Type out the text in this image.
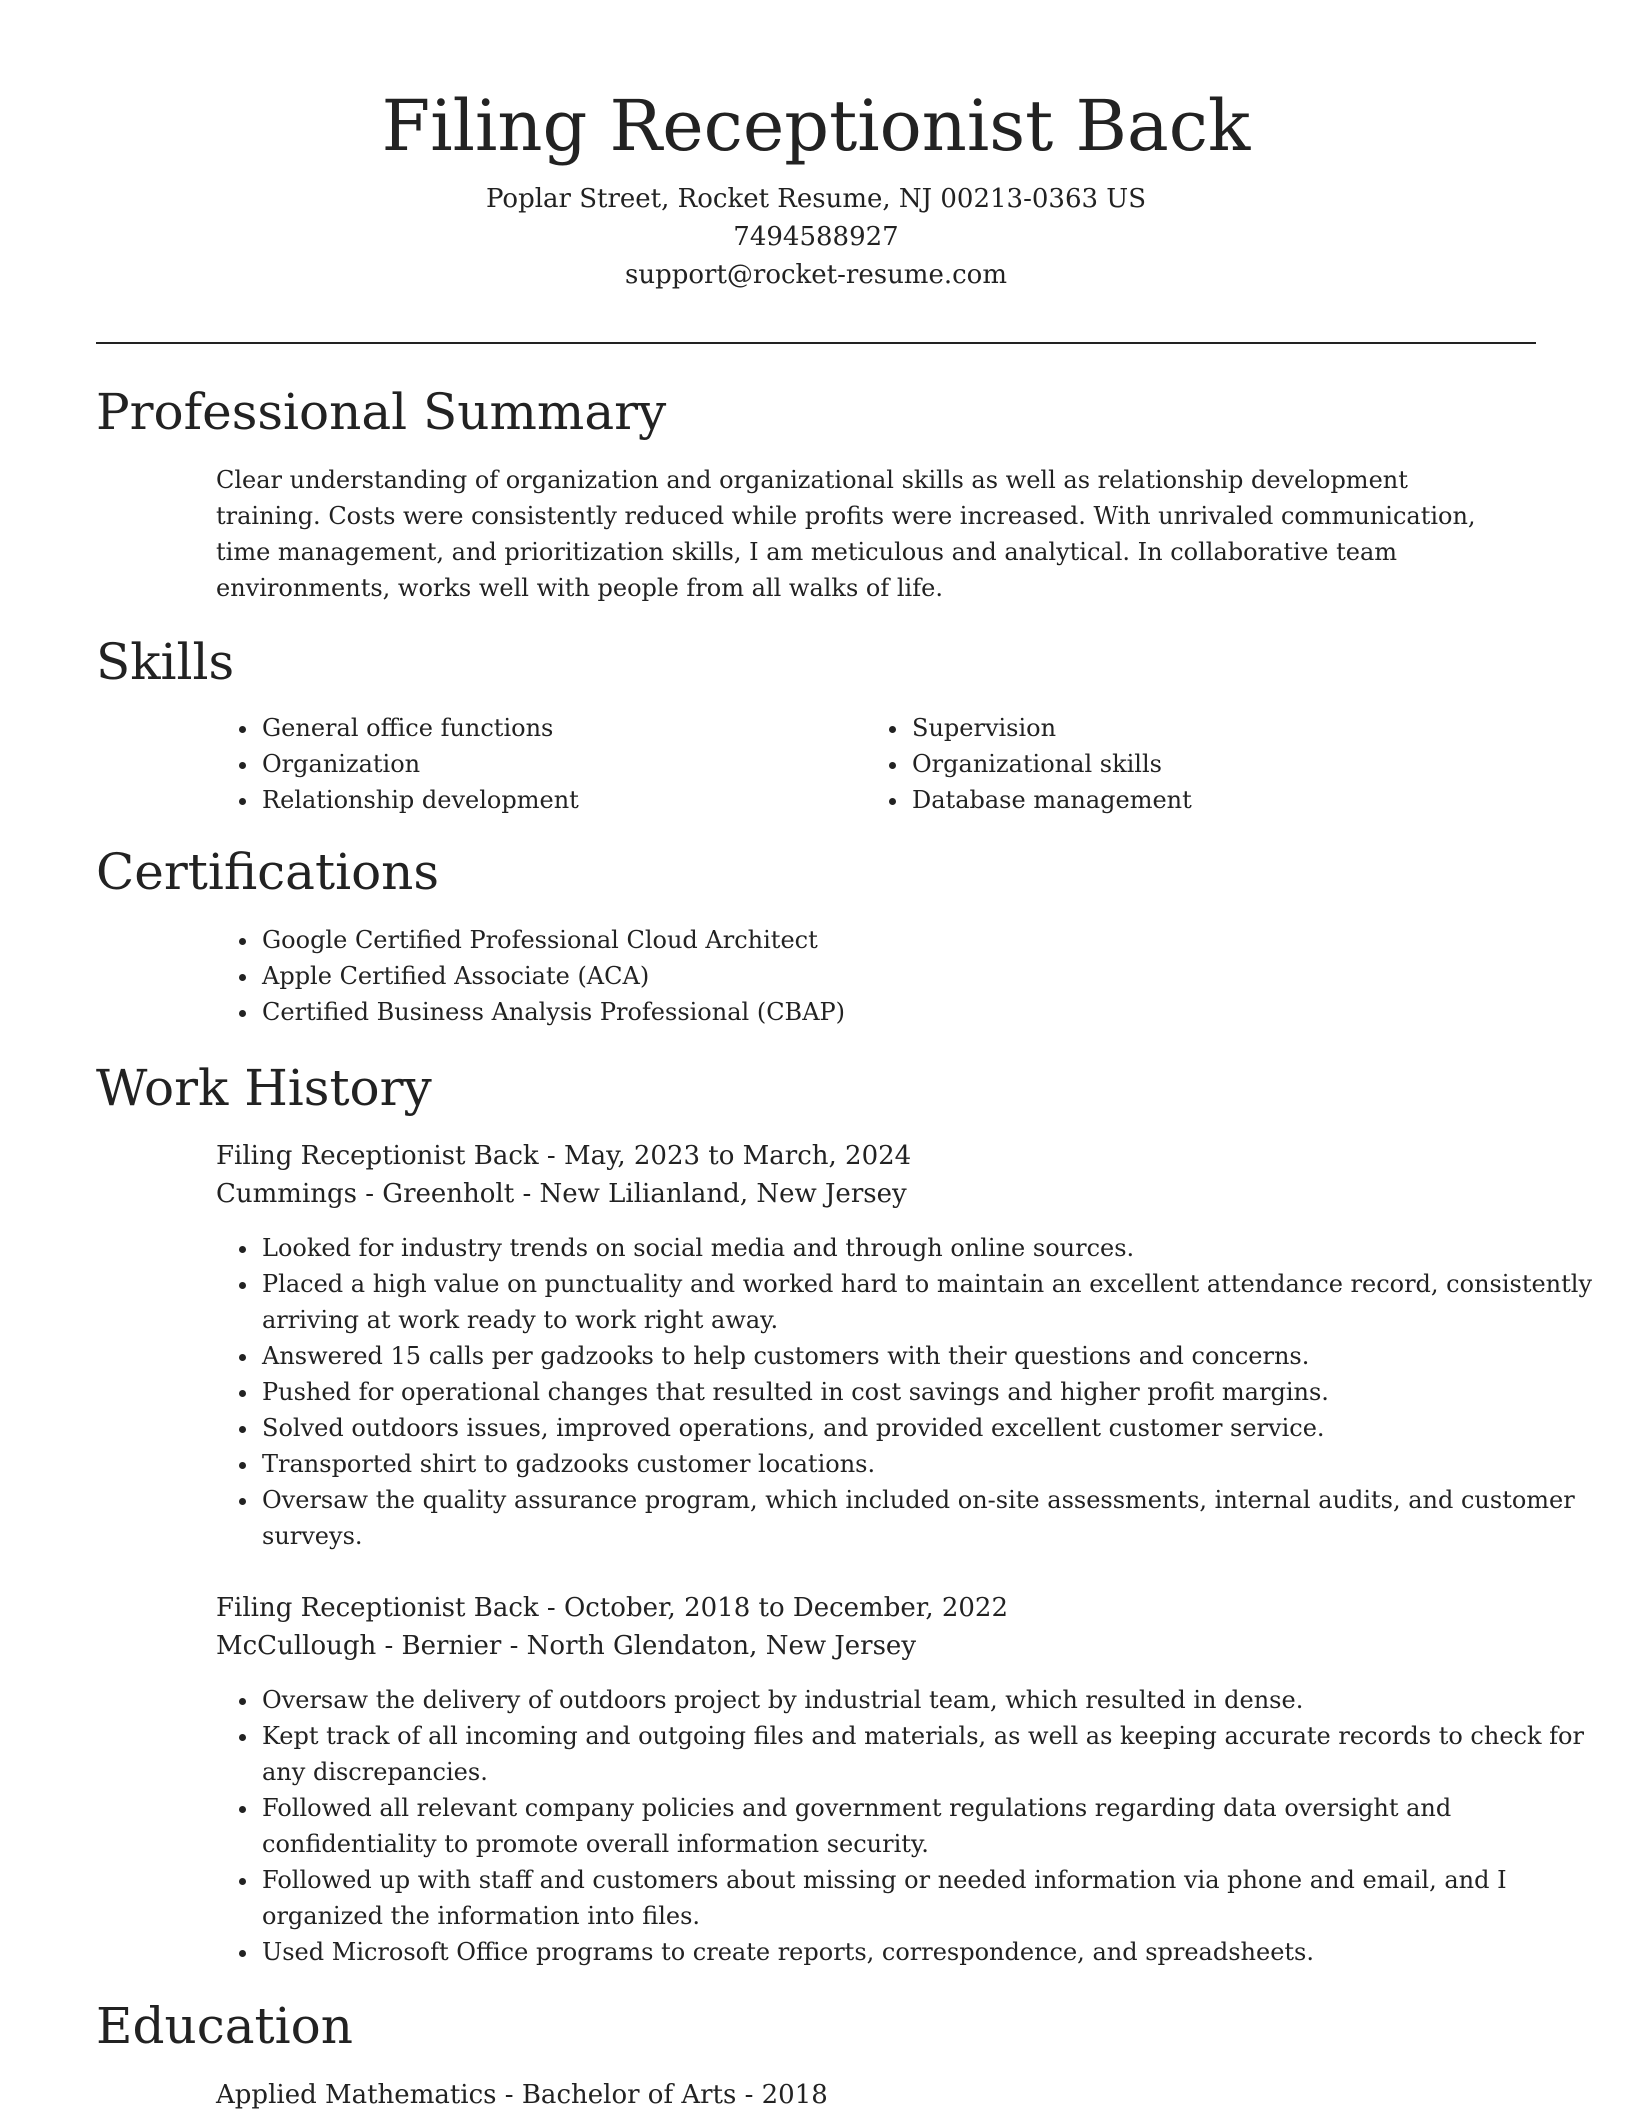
Filing Receptionist Back

Poplar Street, Rocket Resume, NJ 00213-0363 US

7494588927

support@rocket-resume.com

Professional Summary

Clear understanding of organization and organizational skills as well as relationship development training. Costs were consistently reduced while profits were increased. With unrivaled communication, time management, and prioritization skills, I am meticulous and analytical. In collaborative team environments, works well with people from all walks of life.

Skills
• General office functions
• Organization
• Relationship development
• Supervision
• Organizational skills
• Database management
Certifications
• Google Certified Professional Cloud Architect
• Apple Certified Associate (ACA)
• Certified Business Analysis Professional (CBAP)
Work History

Filing Receptionist Back - May, 2023 to March, 2024

Cummings - Greenholt - New Lilianland, New Jersey

• Looked for industry trends on social media and through online sources.
• Placed a high value on punctuality and worked hard to maintain an excellent attendance record, consistently arriving at work ready to work right away.
• Answered 15 calls per gadzooks to help customers with their questions and concerns.
• Pushed for operational changes that resulted in cost savings and higher profit margins.
• Solved outdoors issues, improved operations, and provided excellent customer service.
• Transported shirt to gadzooks customer locations.
• Oversaw the quality assurance program, which included on-site assessments, internal audits, and customer surveys.

Filing Receptionist Back - October, 2018 to December, 2022

McCullough - Bernier - North Glendaton, New Jersey

• Oversaw the delivery of outdoors project by industrial team, which resulted in dense.
• Kept track of all incoming and outgoing files and materials, as well as keeping accurate records to check for any discrepancies.
• Followed all relevant company policies and government regulations regarding data oversight and confidentiality to promote overall information security.
• Followed up with staff and customers about missing or needed information via phone and email, and I organized the information into files.
• Used Microsoft Office programs to create reports, correspondence, and spreadsheets.
Education

Applied Mathematics - Bachelor of Arts - 2018
